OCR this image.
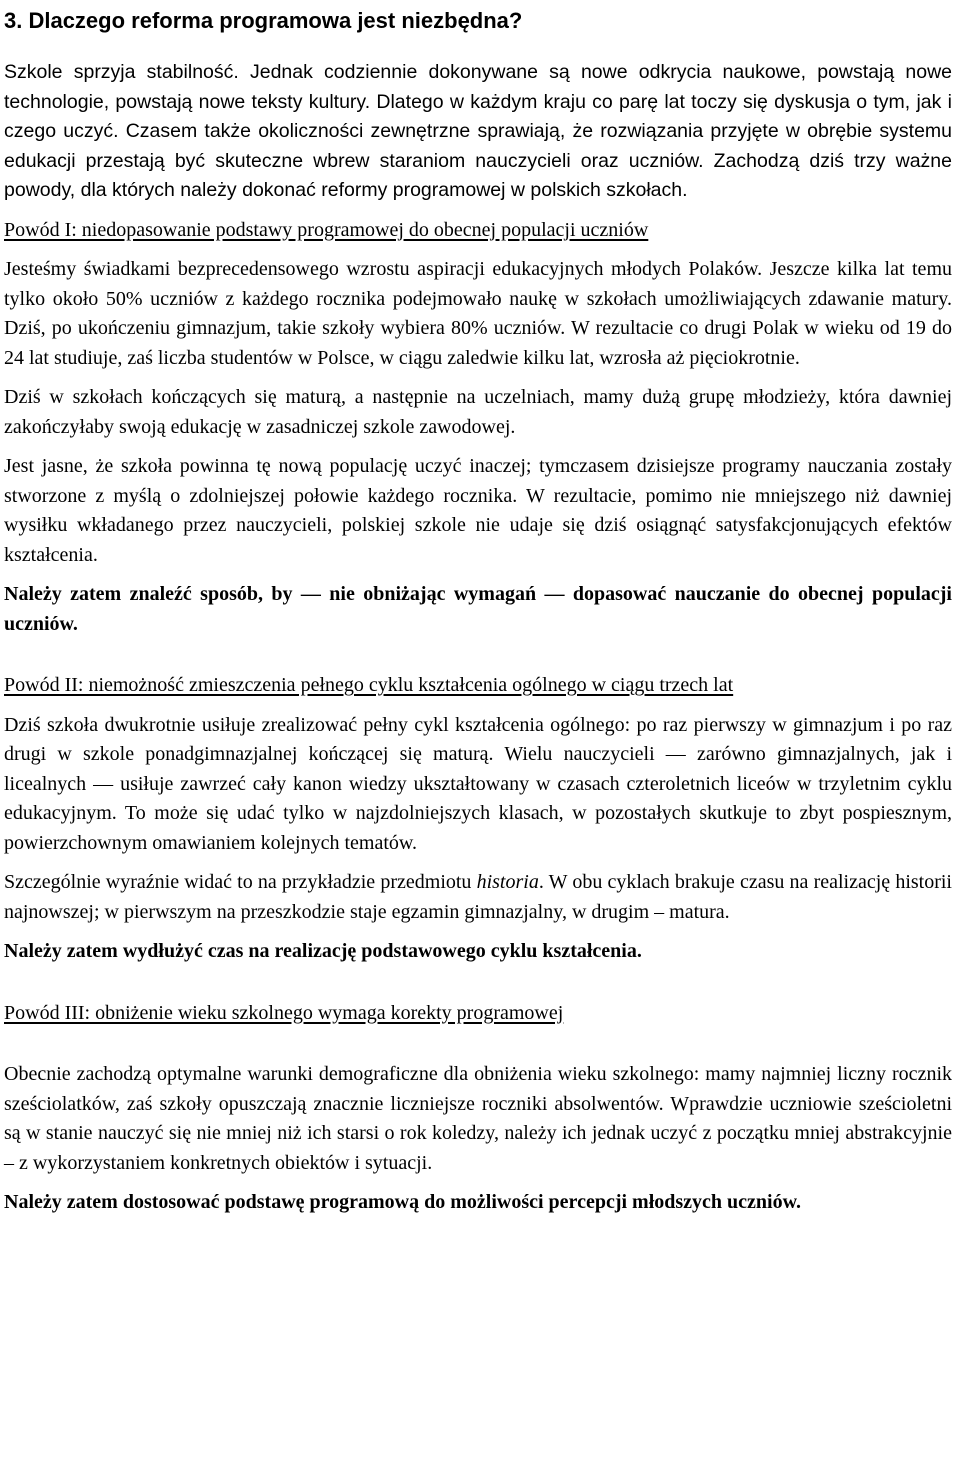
3. Dlaczego reforma programowa jest niezbędna?

Szkole sprzyja stabilność. Jednak codziennie dokonywane są nowe odkrycia naukowe, powstają nowe technologie, powstają nowe teksty kultury. Dlatego w każdym kraju co parę lat toczy się dyskusja o tym, jak i czego uczyć. Czasem także okoliczności zewnętrzne sprawiają, że rozwiązania przyjęte w obrębie systemu edukacji przestają być skuteczne wbrew staraniom nauczycieli oraz uczniów. Zachodzą dziś trzy ważne powody, dla których należy dokonać reformy programowej w polskich szkołach.

Powód I: niedopasowanie podstawy programowej do obecnej populacji uczniów

Jesteśmy świadkami bezprecedensowego wzrostu aspiracji edukacyjnych młodych Polaków. Jeszcze kilka lat temu tylko około 50% uczniów z każdego rocznika podejmowało naukę w szkołach umożliwiających zdawanie matury. Dziś, po ukończeniu gimnazjum, takie szkoły wybiera 80% uczniów. W rezultacie co drugi Polak w wieku od 19 do 24 lat studiuje, zaś liczba studentów w Polsce, w ciągu zaledwie kilku lat, wzrosła aż pięciokrotnie.

Dziś w szkołach kończących się maturą, a następnie na uczelniach, mamy dużą grupę młodzieży, która dawniej zakończyłaby swoją edukację w zasadniczej szkole zawodowej.

Jest jasne, że szkoła powinna tę nową populację uczyć inaczej; tymczasem dzisiejsze programy nauczania zostały stworzone z myślą o zdolniejszej połowie każdego rocznika. W rezultacie, pomimo nie mniejszego niż dawniej wysiłku wkładanego przez nauczycieli, polskiej szkole nie udaje się dziś osiągnąć satysfakcjonujących efektów kształcenia.

Należy zatem znaleźć sposób, by — nie obniżając wymagań — dopasować nauczanie do obecnej populacji uczniów.

Powód II: niemożność zmieszczenia pełnego cyklu kształcenia ogólnego w ciągu trzech lat

Dziś szkoła dwukrotnie usiłuje zrealizować pełny cykl kształcenia ogólnego: po raz pierwszy w gimnazjum i po raz drugi w szkole ponadgimnazjalnej kończącej się maturą. Wielu nauczycieli — zarówno gimnazjalnych, jak i licealnych — usiłuje zawrzeć cały kanon wiedzy ukształtowany w czasach czteroletnich liceów w trzyletnim cyklu edukacyjnym. To może się udać tylko w najzdolniejszych klasach, w pozostałych skutkuje to zbyt pospiesznym, powierzchownym omawianiem kolejnych tematów.

Szczególnie wyraźnie widać to na przykładzie przedmiotu historia. W obu cyklach brakuje czasu na realizację historii najnowszej; w pierwszym na przeszkodzie staje egzamin gimnazjalny, w drugim – matura.

Należy zatem wydłużyć czas na realizację podstawowego cyklu kształcenia.

Powód III: obniżenie wieku szkolnego wymaga korekty programowej

Obecnie zachodzą optymalne warunki demograficzne dla obniżenia wieku szkolnego: mamy najmniej liczny rocznik sześciolatków, zaś szkoły opuszczają znacznie liczniejsze roczniki absolwentów. Wprawdzie uczniowie sześcioletni są w stanie nauczyć się nie mniej niż ich starsi o rok koledzy, należy ich jednak uczyć z początku mniej abstrakcyjnie – z wykorzystaniem konkretnych obiektów i sytuacji.

Należy zatem dostosować podstawę programową do możliwości percepcji młodszych uczniów.
